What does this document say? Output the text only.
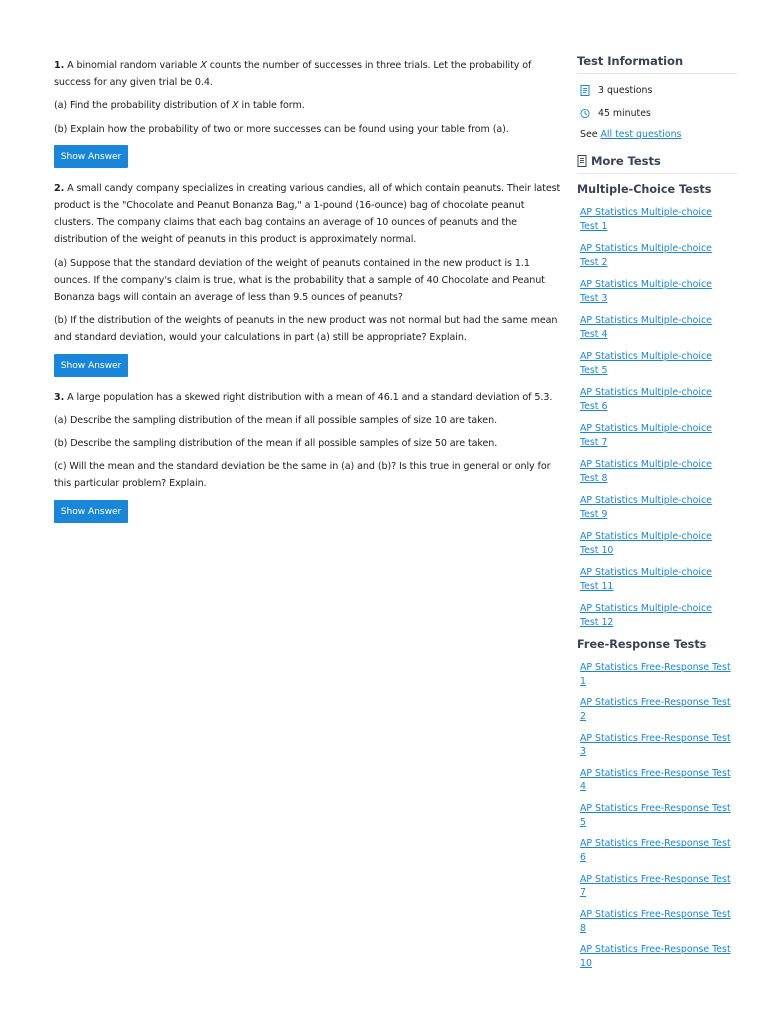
1. A binomial random variable X counts the number of successes in three trials. Let the probability of success for any given trial be 0.4.

(a) Find the probability distribution of X in table form.

(b) Explain how the probability of two or more successes can be found using your table from (a).

Show Answer

2. A small candy company specializes in creating various candies, all of which contain peanuts. Their latest product is the "Chocolate and Peanut Bonanza Bag," a 1-pound (16-ounce) bag of chocolate peanut clusters. The company claims that each bag contains an average of 10 ounces of peanuts and the distribution of the weight of peanuts in this product is approximately normal.

(a) Suppose that the standard deviation of the weight of peanuts contained in the new product is 1.1 ounces. If the company's claim is true, what is the probability that a sample of 40 Chocolate and Peanut Bonanza bags will contain an average of less than 9.5 ounces of peanuts?

(b) If the distribution of the weights of peanuts in the new product was not normal but had the same mean and standard deviation, would your calculations in part (a) still be appropriate? Explain.

Show Answer

3. A large population has a skewed right distribution with a mean of 46.1 and a standard deviation of 5.3.

(a) Describe the sampling distribution of the mean if all possible samples of size 10 are taken.

(b) Describe the sampling distribution of the mean if all possible samples of size 50 are taken.

(c) Will the mean and the standard deviation be the same in (a) and (b)? Is this true in general or only for this particular problem? Explain.

Show Answer
Test Information
3 questions
45 minutes
See All test questions
More Tests
Multiple-Choice Tests
AP Statistics Multiple-choice Test 1
AP Statistics Multiple-choice Test 2
AP Statistics Multiple-choice Test 3
AP Statistics Multiple-choice Test 4
AP Statistics Multiple-choice Test 5
AP Statistics Multiple-choice Test 6
AP Statistics Multiple-choice Test 7
AP Statistics Multiple-choice Test 8
AP Statistics Multiple-choice Test 9
AP Statistics Multiple-choice Test 10
AP Statistics Multiple-choice Test 11
AP Statistics Multiple-choice Test 12
Free-Response Tests
AP Statistics Free-Response Test 1
AP Statistics Free-Response Test 2
AP Statistics Free-Response Test 3
AP Statistics Free-Response Test 4
AP Statistics Free-Response Test 5
AP Statistics Free-Response Test 6
AP Statistics Free-Response Test 7
AP Statistics Free-Response Test 8
AP Statistics Free-Response Test 10
